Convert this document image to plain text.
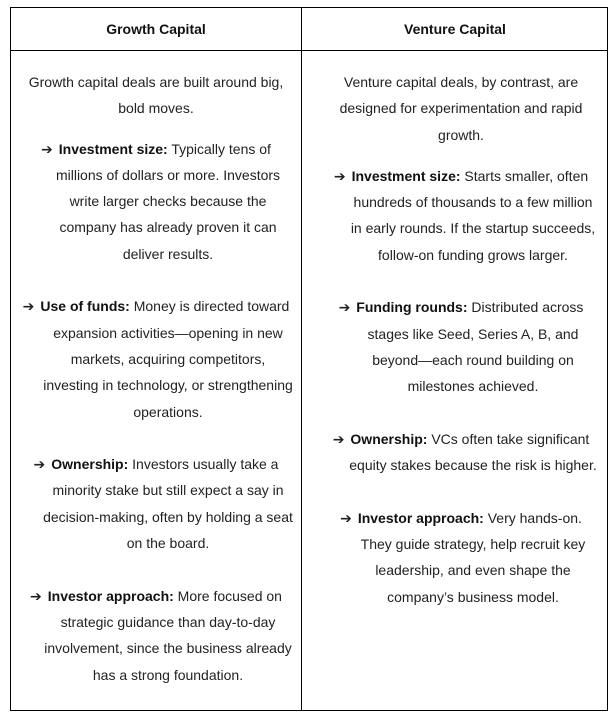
Growth Capital	Venture Capital

Growth capital deals are built around big, bold moves.

➔ Investment size: Typically tens of millions of dollars or more. Investors write larger checks because the company has already proven it can deliver results.

➔ Use of funds: Money is directed toward expansion activities—opening in new markets, acquiring competitors, investing in technology, or strengthening operations.

➔ Ownership: Investors usually take a minority stake but still expect a say in decision-making, often by holding a seat on the board.

➔ Investor approach: More focused on strategic guidance than day-to-day involvement, since the business already has a strong foundation.

Venture capital deals, by contrast, are designed for experimentation and rapid growth.

➔ Investment size: Starts smaller, often hundreds of thousands to a few million in early rounds. If the startup succeeds, follow-on funding grows larger.

➔ Funding rounds: Distributed across stages like Seed, Series A, B, and beyond—each round building on milestones achieved.

➔ Ownership: VCs often take significant equity stakes because the risk is higher.

➔ Investor approach: Very hands-on. They guide strategy, help recruit key leadership, and even shape the company’s business model.
